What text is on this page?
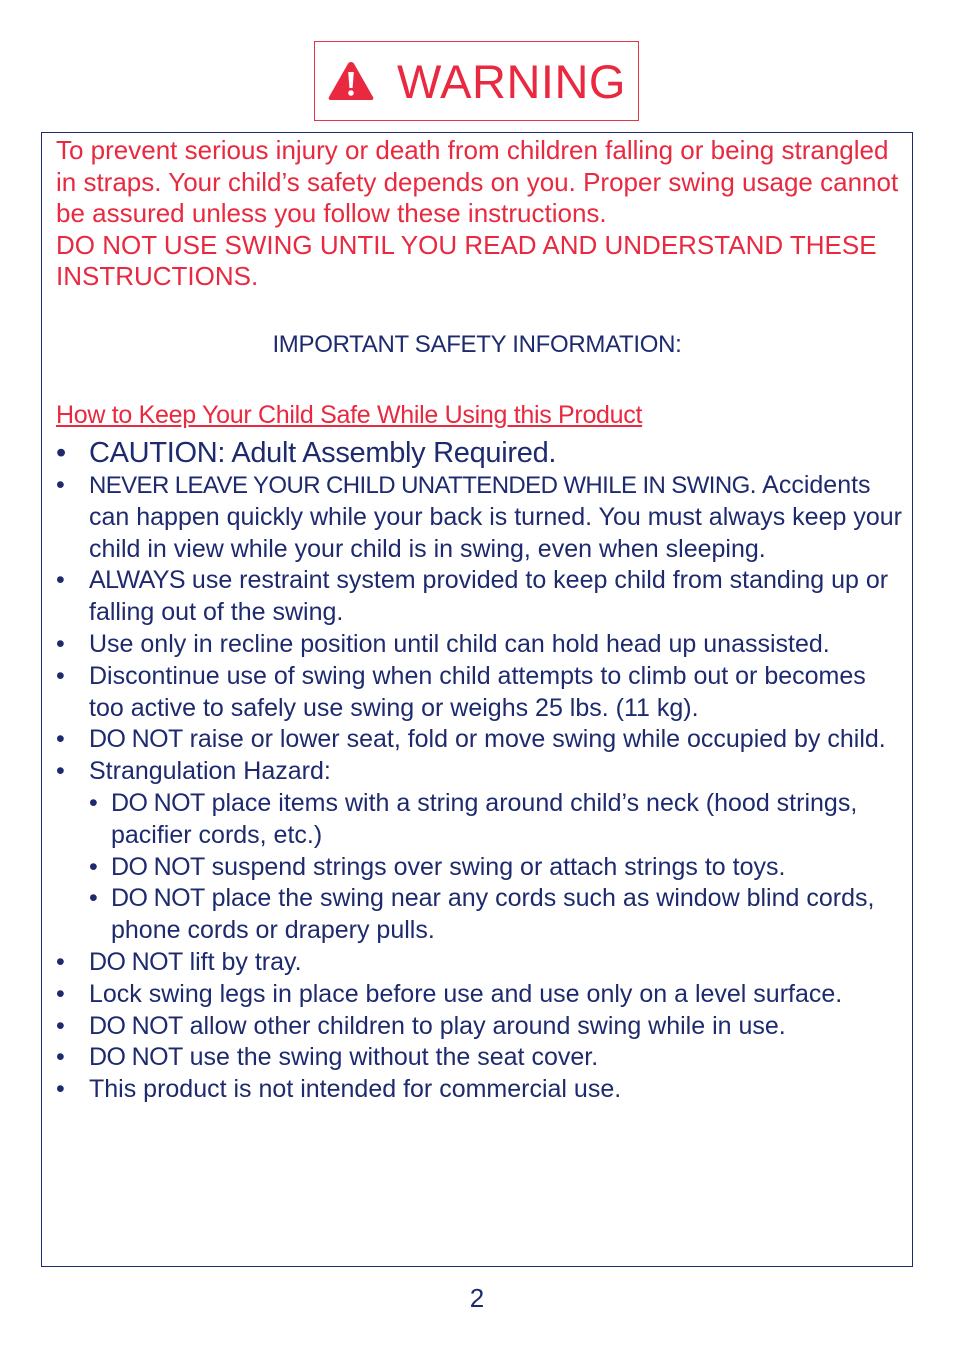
WARNING

To prevent serious injury or death from children falling or being strangled in straps. Your child’s safety depends on you. Proper swing usage cannot be assured unless you follow these instructions.

DO NOT USE SWING UNTIL YOU READ AND UNDERSTAND THESE INSTRUCTIONS.

IMPORTANT SAFETY INFORMATION:
How to Keep Your Child Safe While Using this Product
• CAUTION: Adult Assembly Required.
• NEVER LEAVE YOUR CHILD UNATTENDED WHILE IN SWING. Accidents can happen quickly while your back is turned. You must always keep your child in view while your child is in swing, even when sleeping.
• ALWAYS use restraint system provided to keep child from standing up or falling out of the swing.
• Use only in recline position until child can hold head up unassisted.
• Discontinue use of swing when child attempts to climb out or becomes too active to safely use swing or weighs 25 lbs. (11 kg).
• DO NOT raise or lower seat, fold or move swing while occupied by child.
• Strangulation Hazard:
• DO NOT place items with a string around child’s neck (hood strings, pacifier cords, etc.)
• DO NOT suspend strings over swing or attach strings to toys.
• DO NOT place the swing near any cords such as window blind cords, phone cords or drapery pulls.
• DO NOT lift by tray.
• Lock swing legs in place before use and use only on a level surface.
• DO NOT allow other children to play around swing while in use.
• DO NOT use the swing without the seat cover.
• This product is not intended for commercial use.
2
